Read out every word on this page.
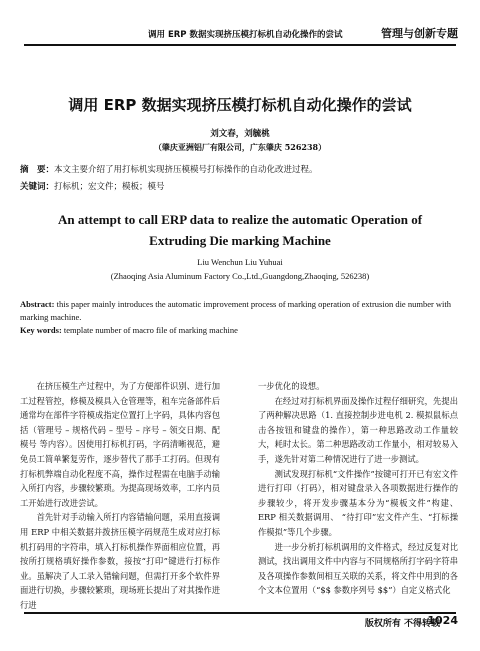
调用 ERP 数据实现挤压模打标机自动化操作的尝试	管理与创新专题
调用 ERP 数据实现挤压模打标机自动化操作的尝试
刘文春，刘毓桃
（肇庆亚洲铝厂有限公司，广东肇庆 526238）
摘　要：本文主要介绍了用打标机实现挤压模模号打标操作的自动化改进过程。
关键词：打标机；宏文件；模板；模号
An attempt to call ERP data to realize the automatic Operation of Extruding Die marking Machine
Liu Wenchun Liu Yuhuai
(Zhaoqing Asia Aluminum Factory Co.,Ltd.,Guangdong,Zhaoqing, 526238)
Abstract: this paper mainly introduces the automatic improvement process of marking operation of extrusion die number with marking machine.
Key words: template number of macro file of marking machine

在挤压模生产过程中，为了方便部件识别、进行加工过程管控，修模及模具入仓管理等，租车完备部件后通常均在部件字符模成指定位置打上字码，具体内容包括（管理号 – 规格代码 – 型号 – 序号 – 领交日期、配模号 等内容）。因使用打标机打码，字码清晰视范，避免员工简单繁复劳作，逐步替代了那手工打码。但现有打标机弊端自动化程度不高，操作过程需在电脑手动输入所打内容，步骤较繁琐。为提高现场效率，工序内员工开始进行改进尝试。

首先针对手动输入所打内容错输问题，采用直接调用 ERP 中相关数据并拨挤压模字码规范生成对应打标机打码用的字符串，填入打标机操作界面相应位置，再按所打规格填好操作参数，接按“打印”键进行打标作业。虽解决了人工录入错输问题，但需打开多个软件界面进行切换，步骤较繁琐，现场班长提出了对其操作进行进

一步优化的设想。

在经过对打标机界面及操作过程仔细研究，先提出了两种解决思路（1. 直接控制步进电机 2. 模拟鼠标点击各按钮和键盘的操作），第一种思路改动工作量较大，耗时太长。第二种思路改动工作量小，相对较易入手，遂先针对第二种情况进行了进一步测试。

测试发现打标机“文件操作”按键可打开已有宏文件进行打印（打码），相对键盘录入各项数据进行操作的步骤较少，将开发步骤基本分为“模板文件”构建、ERP 相关数据调用、 “待打印”宏文件产生、“打标操作模拟”等几个步骤。

进一步分析打标机调用的文件格式，经过反复对比测试，找出调用文件中内容与不同规格所打字码字符串及各项操作参数间相互关联的关系，将文件中用到的各个文本位置用（“$$ 参数序列号 $$”）自定义格式化

版权所有 不得转载
1024
